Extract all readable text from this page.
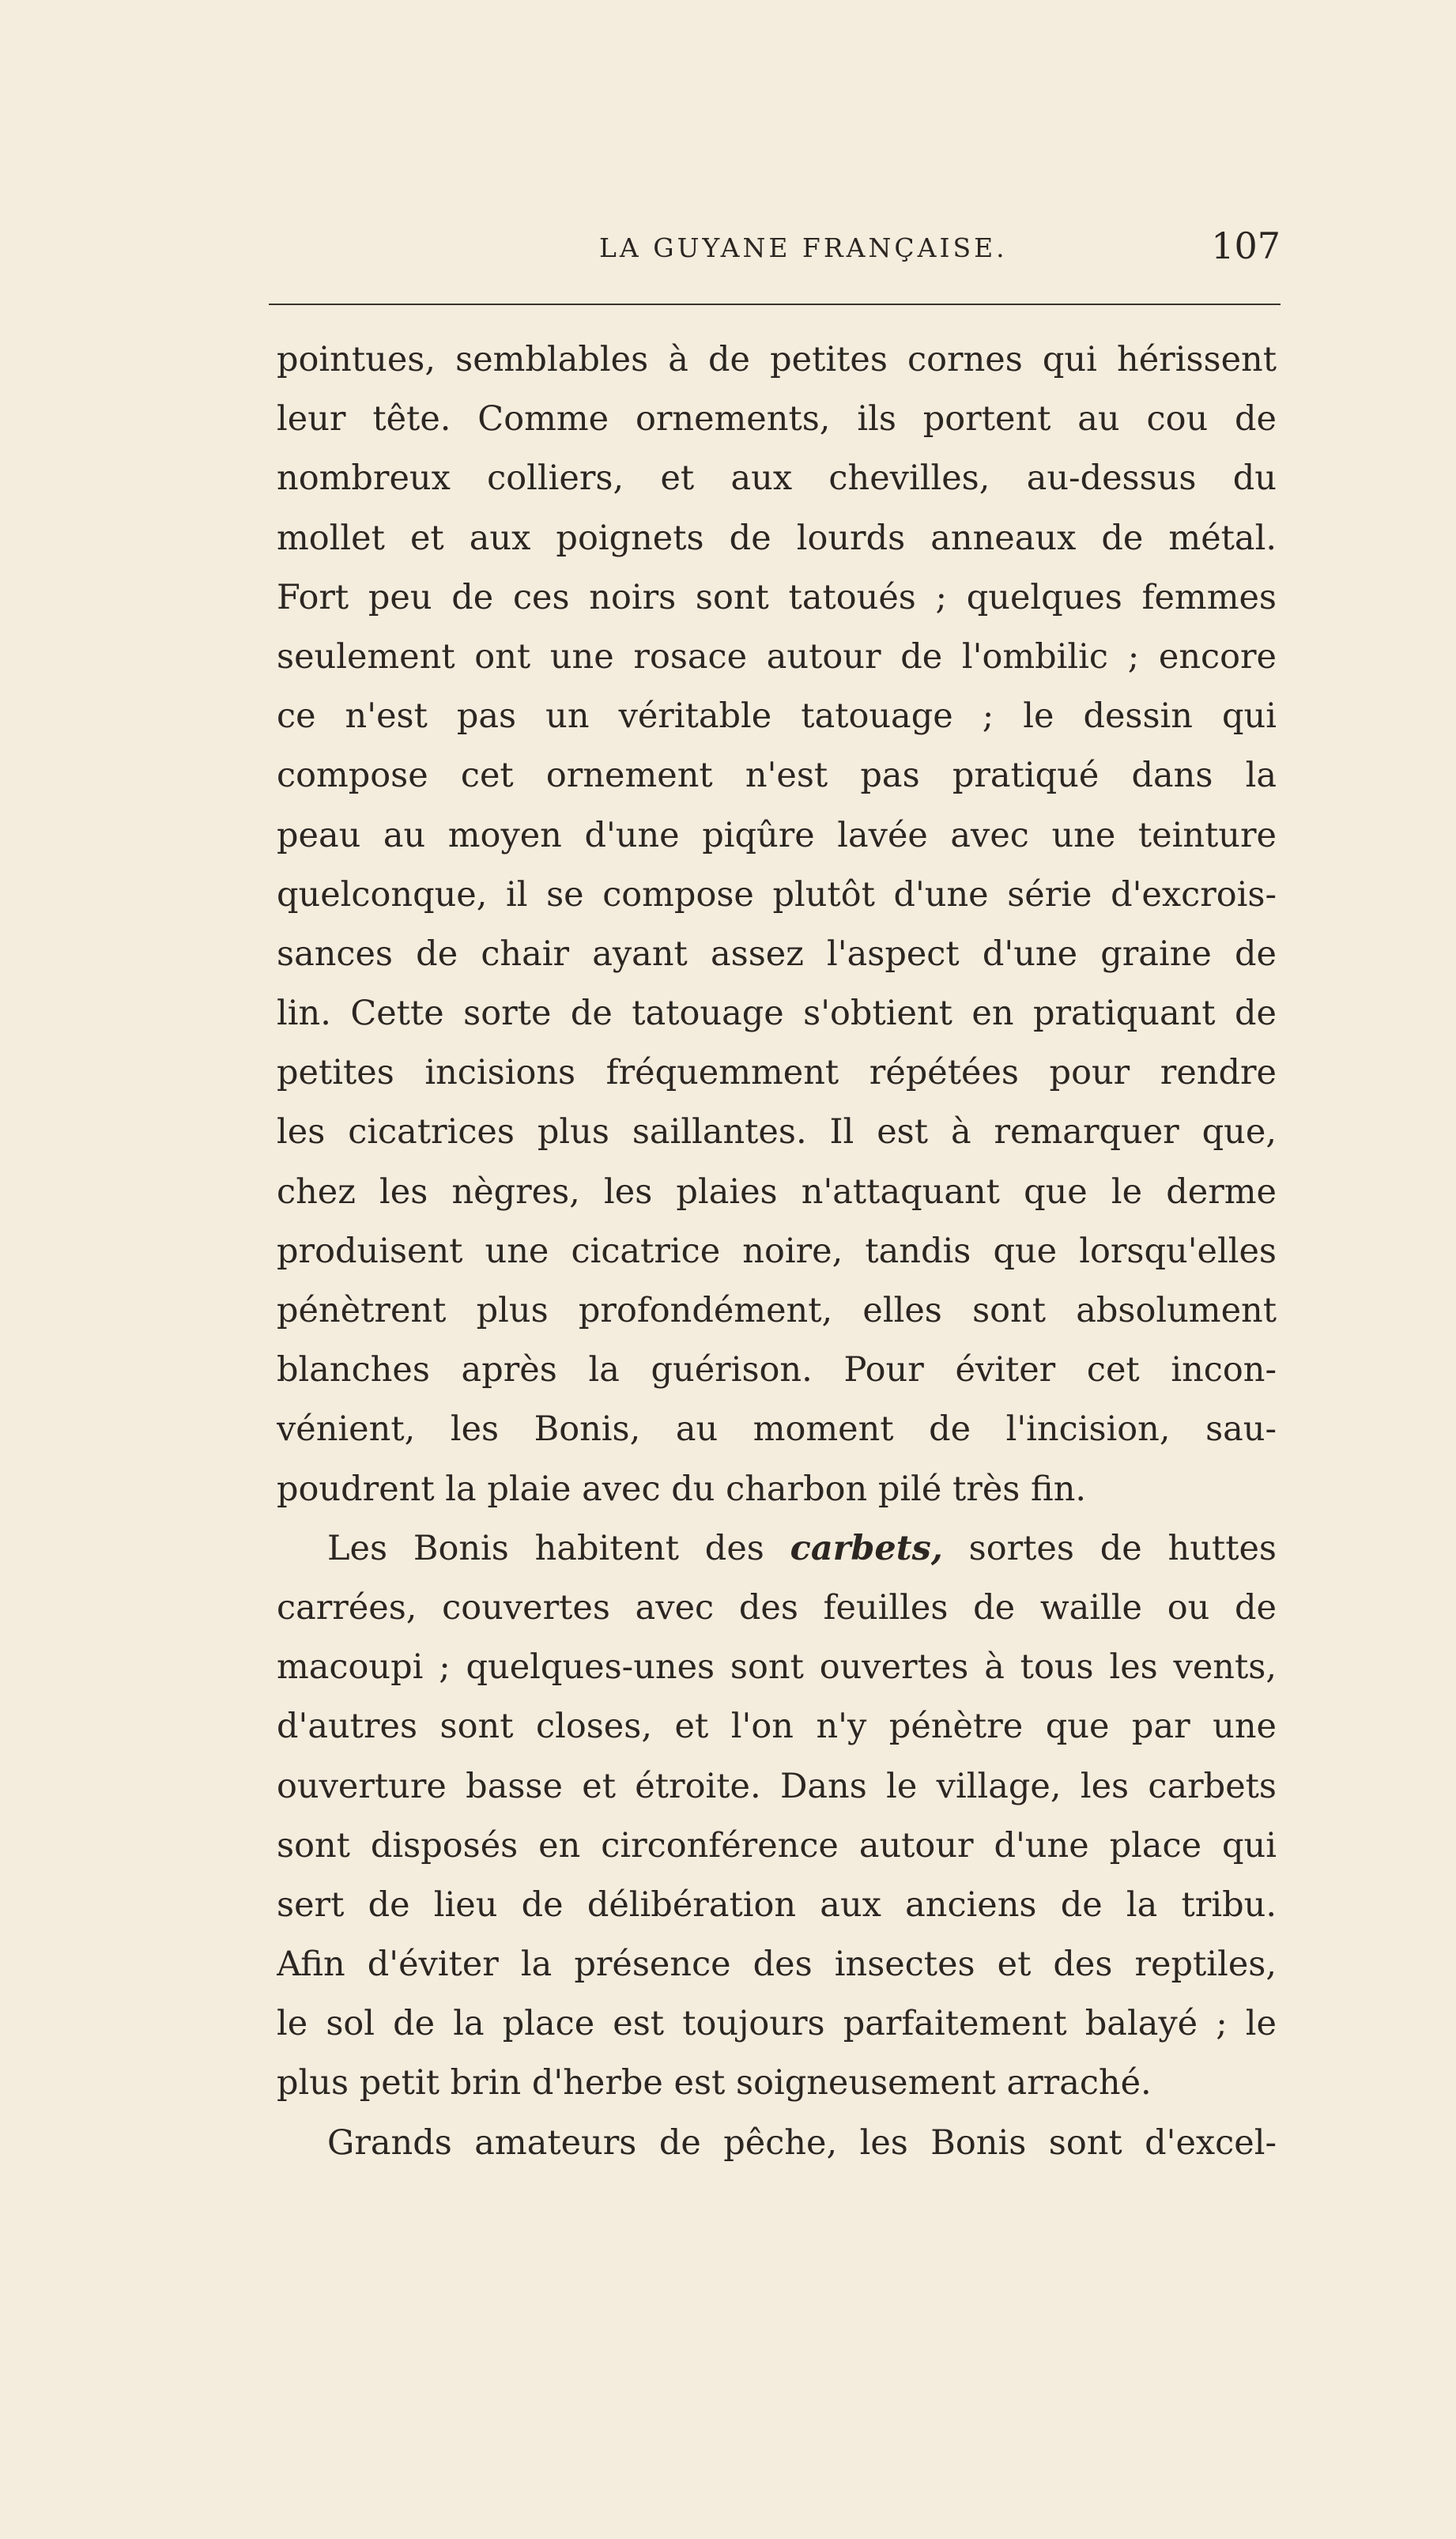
LA GUYANE FRANÇAISE.	107
pointues, semblables à de petites cornes qui hérissent
leur tête. Comme ornements, ils portent au cou de
nombreux colliers, et aux chevilles, au-dessus du
mollet et aux poignets de lourds anneaux de métal.
Fort peu de ces noirs sont tatoués ; quelques femmes
seulement ont une rosace autour de l'ombilic ; encore
ce n'est pas un véritable tatouage ; le dessin qui
compose cet ornement n'est pas pratiqué dans la
peau au moyen d'une piqûre lavée avec une teinture
quelconque, il se compose plutôt d'une série d'excrois-
sances de chair ayant assez l'aspect d'une graine de
lin. Cette sorte de tatouage s'obtient en pratiquant de
petites incisions fréquemment répétées pour rendre
les cicatrices plus saillantes. Il est à remarquer que,
chez les nègres, les plaies n'attaquant que le derme
produisent une cicatrice noire, tandis que lorsqu'elles
pénètrent plus profondément, elles sont absolument
blanches après la guérison. Pour éviter cet incon-
vénient, les Bonis, au moment de l'incision, sau-
poudrent la plaie avec du charbon pilé très fin.
Les Bonis habitent des carbets, sortes de huttes
carrées, couvertes avec des feuilles de waille ou de
macoupi ; quelques-unes sont ouvertes à tous les vents,
d'autres sont closes, et l'on n'y pénètre que par une
ouverture basse et étroite. Dans le village, les carbets
sont disposés en circonférence autour d'une place qui
sert de lieu de délibération aux anciens de la tribu.
Afin d'éviter la présence des insectes et des reptiles,
le sol de la place est toujours parfaitement balayé ; le
plus petit brin d'herbe est soigneusement arraché.
Grands amateurs de pêche, les Bonis sont d'excel-
